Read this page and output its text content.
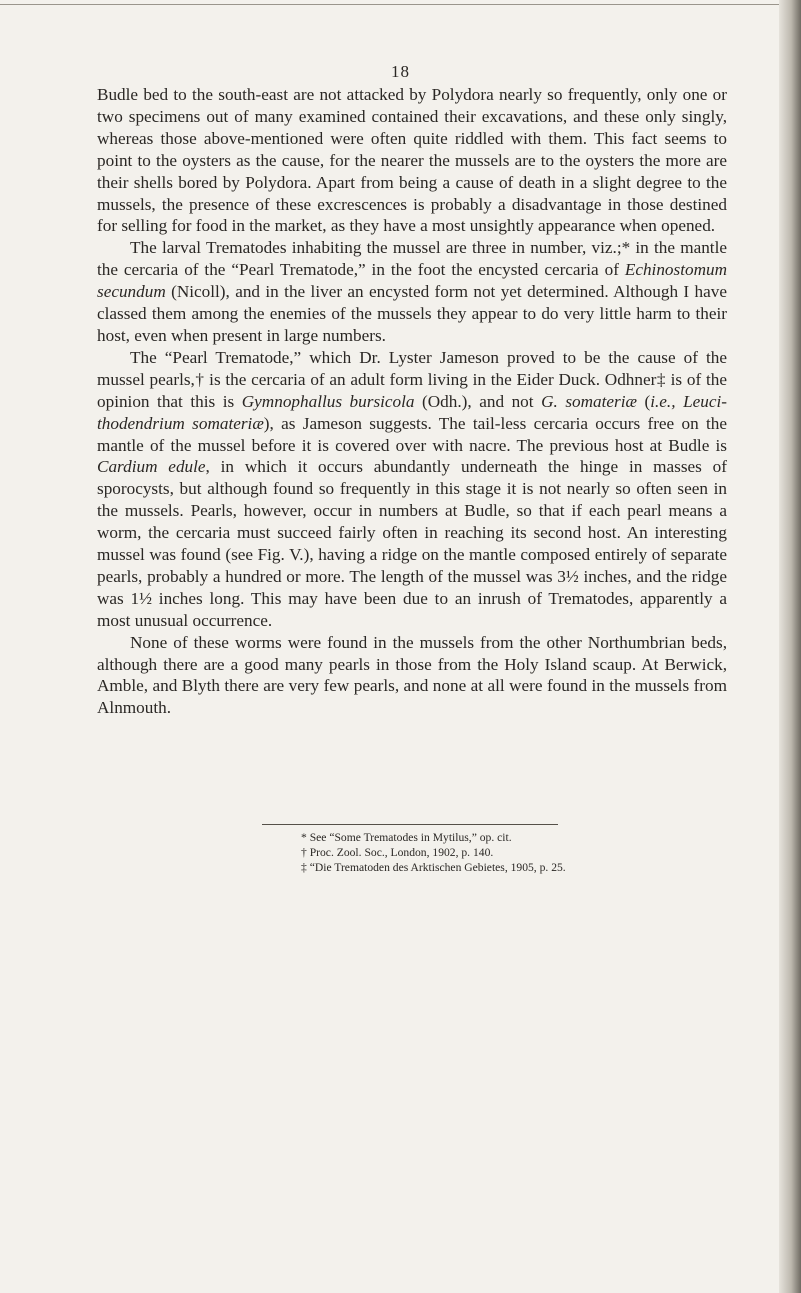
18

Budle bed to the south-east are not attacked by Polydora nearly so frequently, only one or two specimens out of many examined contained their excavations, and these only singly, whereas those above-mentioned were often quite riddled with them. This fact seems to point to the oysters as the cause, for the nearer the mussels are to the oysters the more are their shells bored by Polydora. Apart from being a cause of death in a slight degree to the mussels, the presence of these excrescences is probably a disadvantage in those destined for selling for food in the market, as they have a most unsightly appearance when opened.

The larval Trematodes inhabiting the mussel are three in number, viz.;* in the mantle the cercaria of the “Pearl Trematode,” in the foot the encysted cercaria of Echinostomum secundum (Nicoll), and in the liver an encysted form not yet determined. Although I have classed them among the enemies of the mussels they appear to do very little harm to their host, even when present in large numbers.

The “Pearl Trematode,” which Dr. Lyster Jameson proved to be the cause of the mussel pearls,† is the cercaria of an adult form living in the Eider Duck. Odhner‡ is of the opinion that this is Gymnophallus bursicola (Odh.), and not G. somateriæ (i.e., Leuci-thodendrium somateriæ), as Jameson suggests. The tail-less cercaria occurs free on the mantle of the mussel before it is covered over with nacre. The previous host at Budle is Cardium edule, in which it occurs abundantly underneath the hinge in masses of sporocysts, but although found so frequently in this stage it is not nearly so often seen in the mussels. Pearls, however, occur in numbers at Budle, so that if each pearl means a worm, the cercaria must succeed fairly often in reaching its second host. An interesting mussel was found (see Fig. V.), having a ridge on the mantle composed entirely of separate pearls, probably a hundred or more. The length of the mussel was 3½ inches, and the ridge was 1½ inches long. This may have been due to an inrush of Trematodes, apparently a most unusual occurrence.

None of these worms were found in the mussels from the other Northumbrian beds, although there are a good many pearls in those from the Holy Island scaup. At Berwick, Amble, and Blyth there are very few pearls, and none at all were found in the mussels from Alnmouth.

* See “Some Trematodes in Mytilus,” op. cit.
† Proc. Zool. Soc., London, 1902, p. 140.
‡ “Die Trematoden des Arktischen Gebietes, 1905, p. 25.
